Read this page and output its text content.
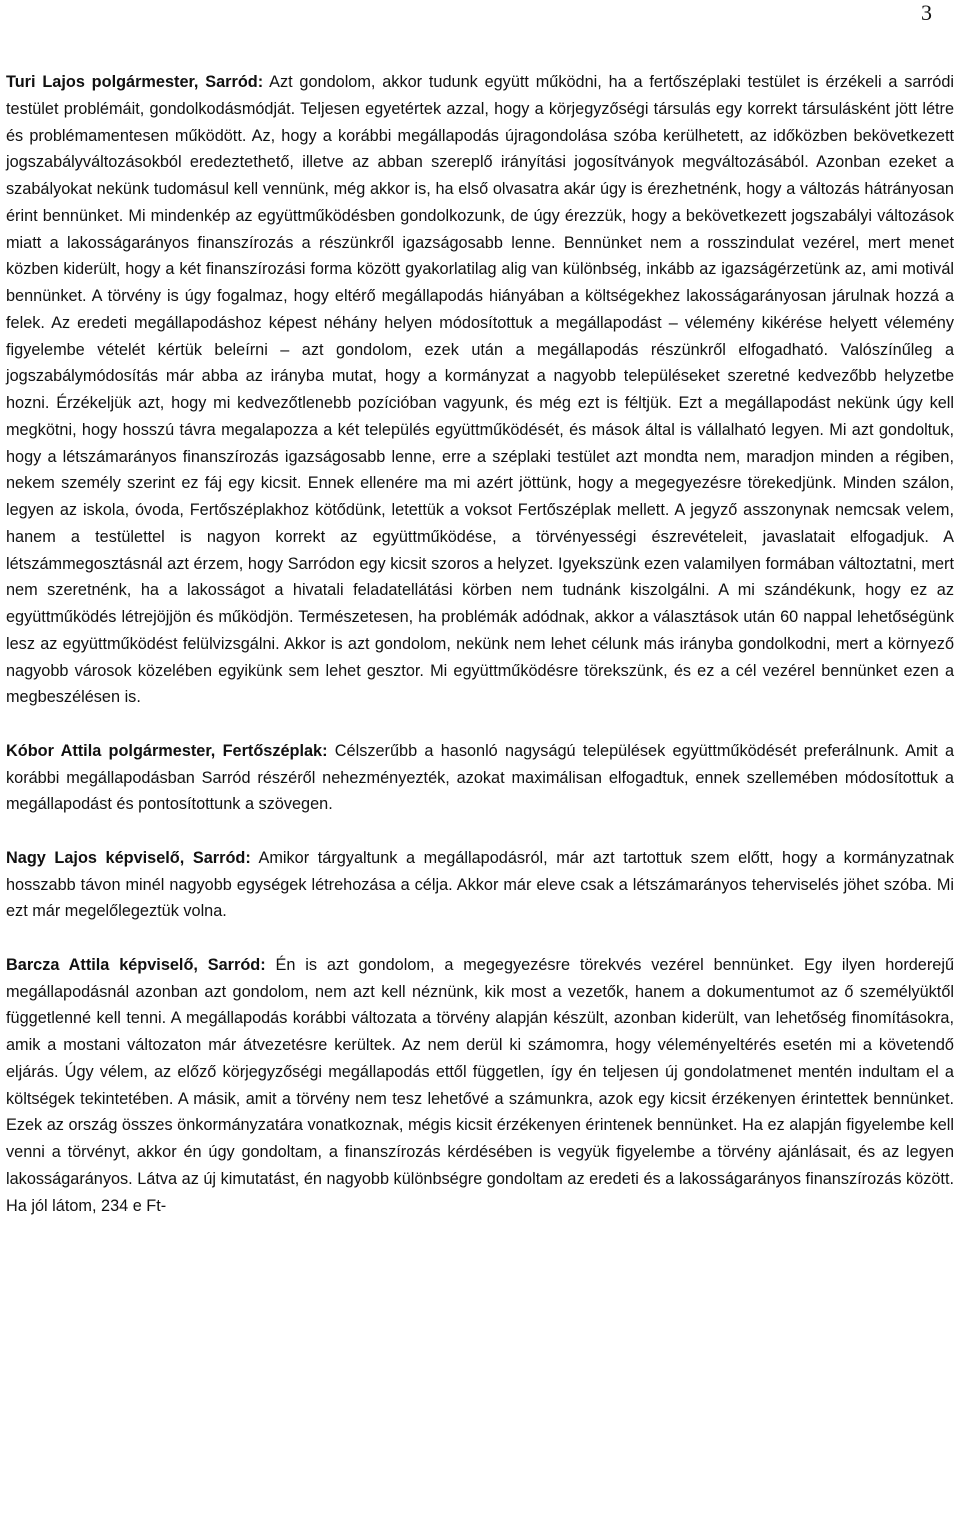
3

Turi Lajos polgármester, Sarród: Azt gondolom, akkor tudunk együtt működni, ha a fertőszéplaki testület is érzékeli a sarródi testület problémáit, gondolkodásmódját. Teljesen egyetértek azzal, hogy a körjegyzőségi társulás egy korrekt társulásként jött létre és problémamentesen működött. Az, hogy a korábbi megállapodás újragondolása szóba kerülhetett, az időközben bekövetkezett jogszabályváltozásokból eredeztethető, illetve az abban szereplő irányítási jogosítványok megváltozásából. Azonban ezeket a szabályokat nekünk tudomásul kell vennünk, még akkor is, ha első olvasatra akár úgy is érezhetnénk, hogy a változás hátrányosan érint bennünket. Mi mindenkép az együttműködésben gondolkozunk, de úgy érezzük, hogy a bekövetkezett jogszabályi változások miatt a lakosságarányos finanszírozás a részünkről igazságosabb lenne. Bennünket nem a rosszindulat vezérel, mert menet közben kiderült, hogy a két finanszírozási forma között gyakorlatilag alig van különbség, inkább az igazságérzetünk az, ami motivál bennünket. A törvény is úgy fogalmaz, hogy eltérő megállapodás hiányában a költségekhez lakosságarányosan járulnak hozzá a felek. Az eredeti megállapodáshoz képest néhány helyen módosítottuk a megállapodást – vélemény kikérése helyett vélemény figyelembe vételét kértük beleírni – azt gondolom, ezek után a megállapodás részünkről elfogadható. Valószínűleg a jogszabálymódosítás már abba az irányba mutat, hogy a kormányzat a nagyobb településeket szeretné kedvezőbb helyzetbe hozni. Érzékeljük azt, hogy mi kedvezőtlenebb pozícióban vagyunk, és még ezt is féltjük. Ezt a megállapodást nekünk úgy kell megkötni, hogy hosszú távra megalapozza a két település együttműködését, és mások által is vállalható legyen. Mi azt gondoltuk, hogy a létszámarányos finanszírozás igazságosabb lenne, erre a széplaki testület azt mondta nem, maradjon minden a régiben, nekem személy szerint ez fáj egy kicsit. Ennek ellenére ma mi azért jöttünk, hogy a megegyezésre törekedjünk. Minden szálon, legyen az iskola, óvoda, Fertőszéplakhoz kötődünk, letettük a voksot Fertőszéplak mellett. A jegyző asszonynak nemcsak velem, hanem a testülettel is nagyon korrekt az együttműködése, a törvényességi észrevételeit, javaslatait elfogadjuk. A létszámmegosztásnál azt érzem, hogy Sarródon egy kicsit szoros a helyzet. Igyekszünk ezen valamilyen formában változtatni, mert nem szeretnénk, ha a lakosságot a hivatali feladatellátási körben nem tudnánk kiszolgálni. A mi szándékunk, hogy ez az együttműködés létrejöjjön és működjön. Természetesen, ha problémák adódnak, akkor a választások után 60 nappal lehetőségünk lesz az együttműködést felülvizsgálni. Akkor is azt gondolom, nekünk nem lehet célunk más irányba gondolkodni, mert a környező nagyobb városok közelében egyikünk sem lehet gesztor. Mi együttműködésre törekszünk, és ez a cél vezérel bennünket ezen a megbeszélésen is.

Kóbor Attila polgármester, Fertőszéplak: Célszerűbb a hasonló nagyságú települések együttműködését preferálnunk. Amit a korábbi megállapodásban Sarród részéről nehezményezték, azokat maximálisan elfogadtuk, ennek szellemében módosítottuk a megállapodást és pontosítottunk a szövegen.

Nagy Lajos képviselő, Sarród: Amikor tárgyaltunk a megállapodásról, már azt tartottuk szem előtt, hogy a kormányzatnak hosszabb távon minél nagyobb egységek létrehozása a célja. Akkor már eleve csak a létszámarányos teherviselés jöhet szóba. Mi ezt már megelőlegeztük volna.

Barcza Attila képviselő, Sarród: Én is azt gondolom, a megegyezésre törekvés vezérel bennünket. Egy ilyen horderejű megállapodásnál azonban azt gondolom, nem azt kell néznünk, kik most a vezetők, hanem a dokumentumot az ő személyüktől függetlenné kell tenni. A megállapodás korábbi változata a törvény alapján készült, azonban kiderült, van lehetőség finomításokra, amik a mostani változaton már átvezetésre kerültek. Az nem derül ki számomra, hogy véleményeltérés esetén mi a követendő eljárás. Úgy vélem, az előző körjegyzőségi megállapodás ettől független, így én teljesen új gondolatmenet mentén indultam el a költségek tekintetében. A másik, amit a törvény nem tesz lehetővé a számunkra, azok egy kicsit érzékenyen érintettek bennünket. Ezek az ország összes önkormányzatára vonatkoznak, mégis kicsit érzékenyen érintenek bennünket. Ha ez alapján figyelembe kell venni a törvényt, akkor én úgy gondoltam, a finanszírozás kérdésében is vegyük figyelembe a törvény ajánlásait, és az legyen lakosságarányos. Látva az új kimutatást, én nagyobb különbségre gondoltam az eredeti és a lakosságarányos finanszírozás között. Ha jól látom, 234 e Ft-
